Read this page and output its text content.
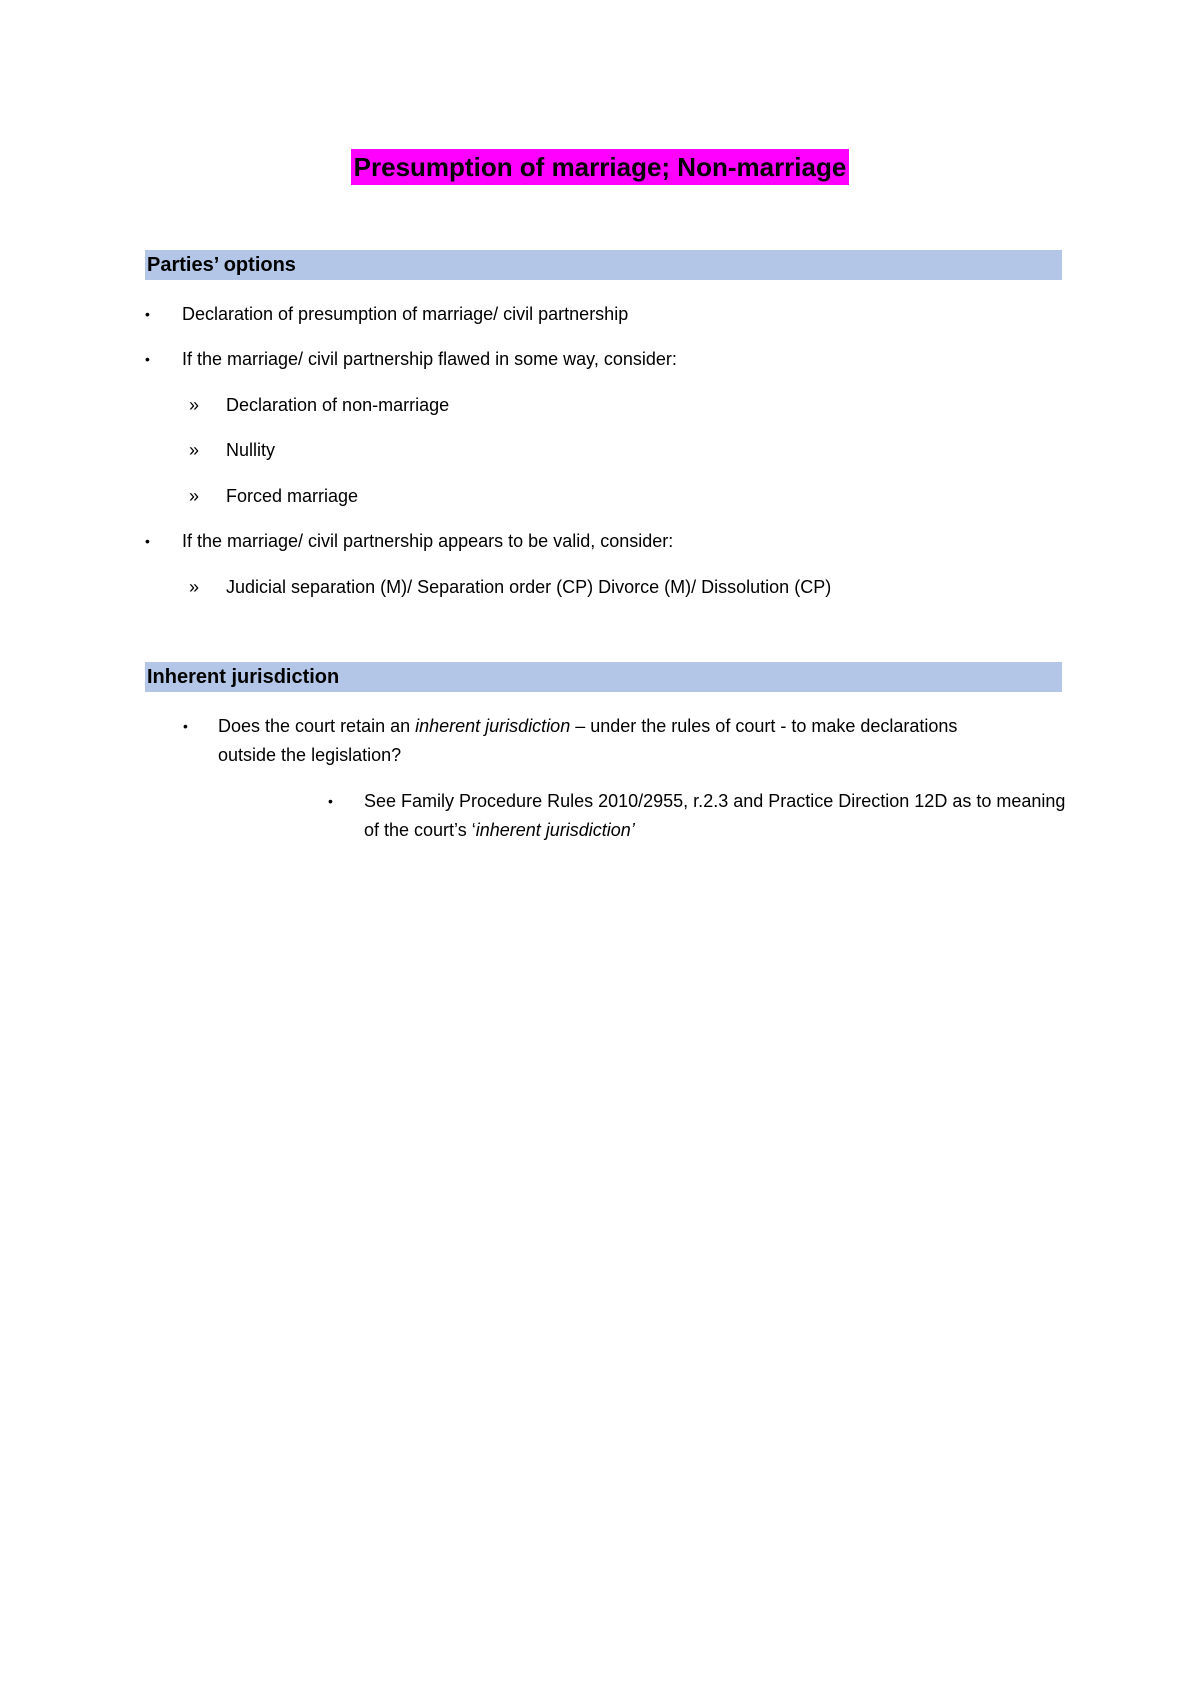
Presumption of marriage; Non-marriage
Parties’ options
• Declaration of presumption of marriage/ civil partnership
• If the marriage/ civil partnership flawed in some way, consider:
» Declaration of non-marriage
» Nullity
» Forced marriage
• If the marriage/ civil partnership appears to be valid, consider:
» Judicial separation (M)/ Separation order (CP) Divorce (M)/ Dissolution (CP)
Inherent jurisdiction
• Does the court retain an inherent jurisdiction – under the rules of court - to make declarations outside the legislation?
• See Family Procedure Rules 2010/2955, r.2.3 and Practice Direction 12D as to meaning of the court’s ‘inherent jurisdiction’
